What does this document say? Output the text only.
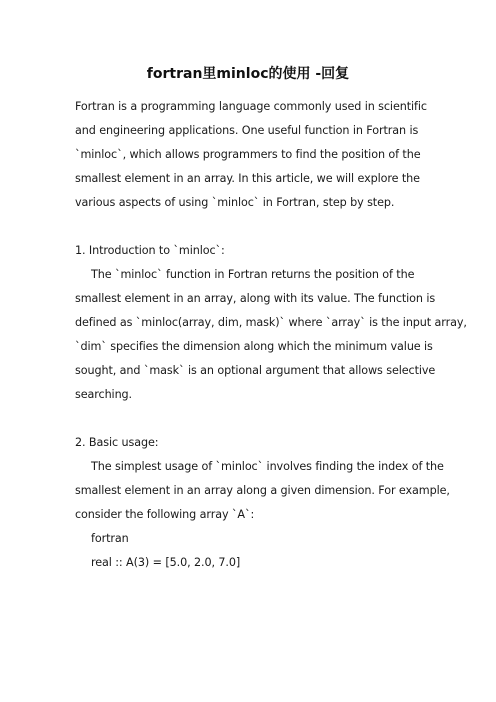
fortran里minloc的使用 -回复
Fortran is a programming language commonly used in scientific
and engineering applications. One useful function in Fortran is
`minloc`, which allows programmers to find the position of the
smallest element in an array. In this article, we will explore the
various aspects of using `minloc` in Fortran, step by step.
1. Introduction to `minloc`:
The `minloc` function in Fortran returns the position of the
smallest element in an array, along with its value. The function is
defined as `minloc(array, dim, mask)` where `array` is the input array,
`dim` specifies the dimension along which the minimum value is
sought, and `mask` is an optional argument that allows selective
searching.
2. Basic usage:
The simplest usage of `minloc` involves finding the index of the
smallest element in an array along a given dimension. For example,
consider the following array `A`:
fortran
real :: A(3) = [5.0, 2.0, 7.0]
